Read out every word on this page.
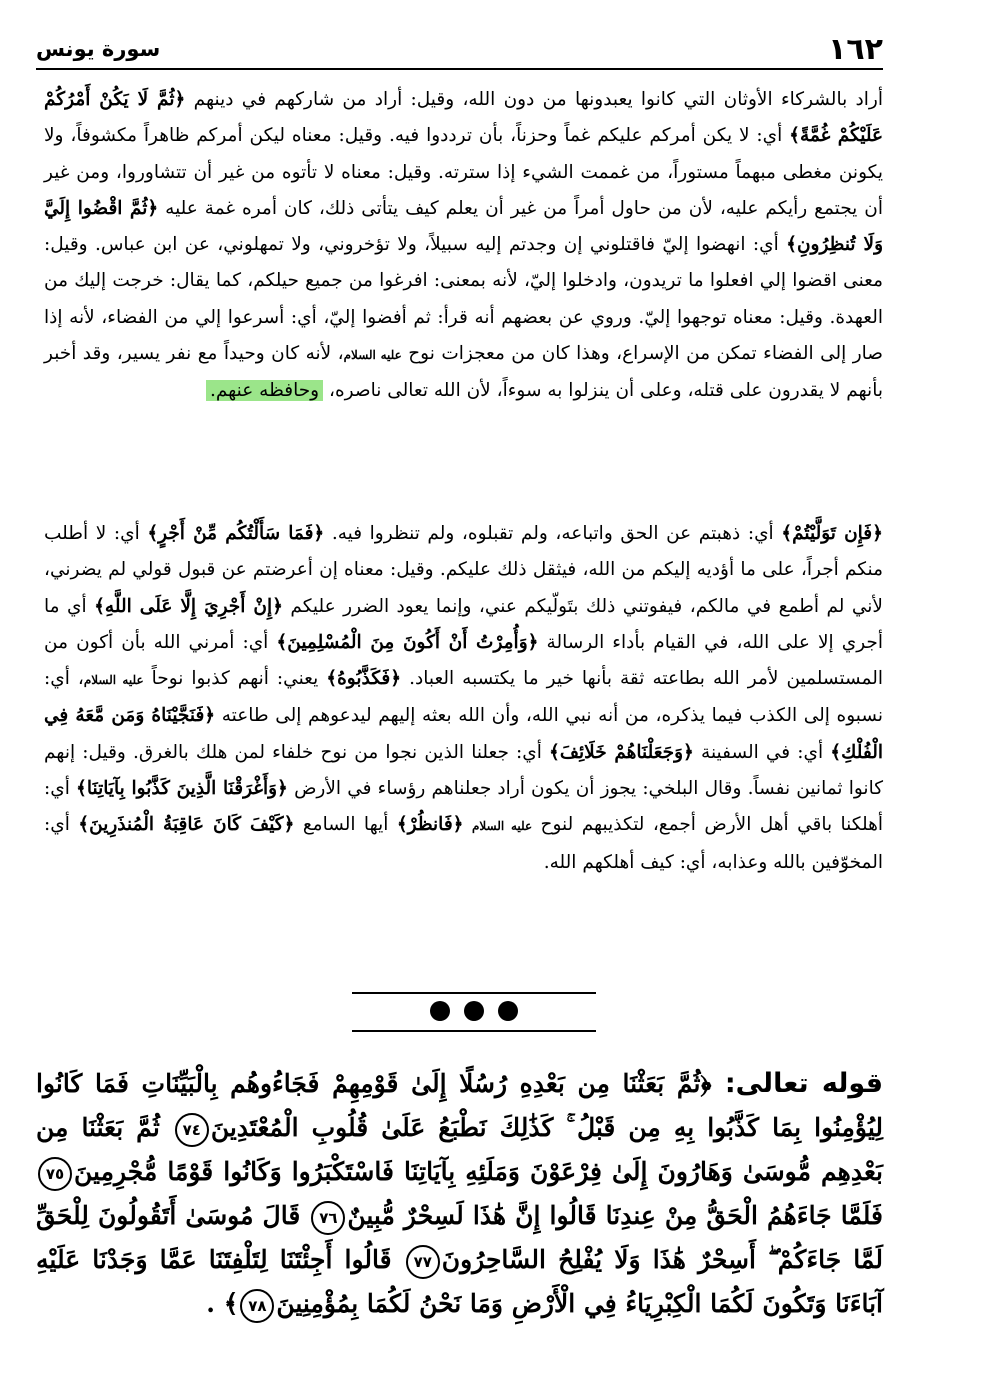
١٦٢
سورة يونس

أراد بالشركاء الأوثان التي كانوا يعبدونها من دون الله، وقيل: أراد من شاركهم في دينهم ﴿ثُمَّ لَا يَكُنْ أَمْرُكُمْ عَلَيْكُمْ غُمَّةً﴾ أي: لا يكن أمركم عليكم غماً وحزناً، بأن ترددوا فيه. وقيل: معناه ليكن أمركم ظاهراً مكشوفاً، ولا يكونن مغطى مبهماً مستوراً، من غممت الشيء إذا سترته. وقيل: معناه لا تأتوه من غير أن تتشاوروا، ومن غير أن يجتمع رأيكم عليه، لأن من حاول أمراً من غير أن يعلم كيف يتأتى ذلك، كان أمره غمة عليه ﴿ثُمَّ اقْضُوا إِلَيَّ وَلَا تُنظِرُونِ﴾ أي: انهضوا إليّ فاقتلوني إن وجدتم إليه سبيلاً، ولا تؤخروني، ولا تمهلوني، عن ابن عباس. وقيل: معنى اقضوا إلي افعلوا ما تريدون، وادخلوا إليّ، لأنه بمعنى: افرغوا من جميع حيلكم، كما يقال: خرجت إليك من العهدة. وقيل: معناه توجهوا إليّ. وروي عن بعضهم أنه قرأ: ثم أفضوا إليّ، أي: أسرعوا إلي من الفضاء، لأنه إذا صار إلى الفضاء تمكن من الإسراع، وهذا كان من معجزات نوح عليه السلام، لأنه كان وحيداً مع نفر يسير، وقد أخبر بأنهم لا يقدرون على قتله، وعلى أن ينزلوا به سوءاً، لأن الله تعالى ناصره، وحافظه عنهم.

﴿فَإِن تَوَلَّيْتُمْ﴾ أي: ذهبتم عن الحق واتباعه، ولم تقبلوه، ولم تنظروا فيه. ﴿فَمَا سَأَلْتُكُم مِّنْ أَجْرٍ﴾ أي: لا أطلب منكم أجراً، على ما أؤديه إليكم من الله، فيثقل ذلك عليكم. وقيل: معناه إن أعرضتم عن قبول قولي لم يضرني، لأني لم أطمع في مالكم، فيفوتني ذلك بتَولّيكم عني، وإنما يعود الضرر عليكم ﴿إِنْ أَجْرِيَ إِلَّا عَلَى اللَّهِ﴾ أي ما أجري إلا على الله، في القيام بأداء الرسالة ﴿وَأُمِرْتُ أَنْ أَكُونَ مِنَ الْمُسْلِمِينَ﴾ أي: أمرني الله بأن أكون من المستسلمين لأمر الله بطاعته ثقة بأنها خير ما يكتسبه العباد. ﴿فَكَذَّبُوهُ﴾ يعني: أنهم كذبوا نوحاً عليه السلام، أي: نسبوه إلى الكذب فيما يذكره، من أنه نبي الله، وأن الله بعثه إليهم ليدعوهم إلى طاعته ﴿فَنَجَّيْنَاهُ وَمَن مَّعَهُ فِي الْفُلْكِ﴾ أي: في السفينة ﴿وَجَعَلْنَاهُمْ خَلَائِفَ﴾ أي: جعلنا الذين نجوا من نوح خلفاء لمن هلك بالغرق. وقيل: إنهم كانوا ثمانين نفساً. وقال البلخي: يجوز أن يكون أراد جعلناهم رؤساء في الأرض ﴿وَأَغْرَقْنَا الَّذِينَ كَذَّبُوا بِآيَاتِنَا﴾ أي: أهلكنا باقي أهل الأرض أجمع، لتكذيبهم لنوح عليه السلام ﴿فَانظُرْ﴾ أيها السامع ﴿كَيْفَ كَانَ عَاقِبَةُ الْمُنذَرِينَ﴾ أي: المخوّفين بالله وعذابه، أي: كيف أهلكهم الله.

قوله تعالى: ﴿ثُمَّ بَعَثْنَا مِن بَعْدِهِ رُسُلًا إِلَىٰ قَوْمِهِمْ فَجَاءُوهُم بِالْبَيِّنَاتِ فَمَا كَانُوا لِيُؤْمِنُوا بِمَا كَذَّبُوا بِهِ مِن قَبْلُ ۚ كَذَٰلِكَ نَطْبَعُ عَلَىٰ قُلُوبِ الْمُعْتَدِينَ٧٤ ثُمَّ بَعَثْنَا مِن بَعْدِهِم مُّوسَىٰ وَهَارُونَ إِلَىٰ فِرْعَوْنَ وَمَلَئِهِ بِآيَاتِنَا فَاسْتَكْبَرُوا وَكَانُوا قَوْمًا مُّجْرِمِينَ٧٥ فَلَمَّا جَاءَهُمُ الْحَقُّ مِنْ عِندِنَا قَالُوا إِنَّ هَٰذَا لَسِحْرٌ مُّبِينٌ٧٦ قَالَ مُوسَىٰ أَتَقُولُونَ لِلْحَقِّ لَمَّا جَاءَكُمْ ۖ أَسِحْرٌ هَٰذَا وَلَا يُفْلِحُ السَّاحِرُونَ٧٧ قَالُوا أَجِئْتَنَا لِتَلْفِتَنَا عَمَّا وَجَدْنَا عَلَيْهِ آبَاءَنَا وَتَكُونَ لَكُمَا الْكِبْرِيَاءُ فِي الْأَرْضِ وَمَا نَحْنُ لَكُمَا بِمُؤْمِنِينَ٧٨﴾ .
